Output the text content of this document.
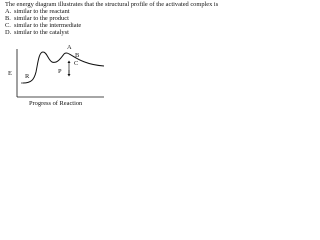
The energy diagram illustrates that the structural profile of the activated complex is

A. similar to the reactant

B. similar to the product

C. similar to the intermediate

D. similar to the catalyst

A
B
C
P
R
E
Progress of Reaction
